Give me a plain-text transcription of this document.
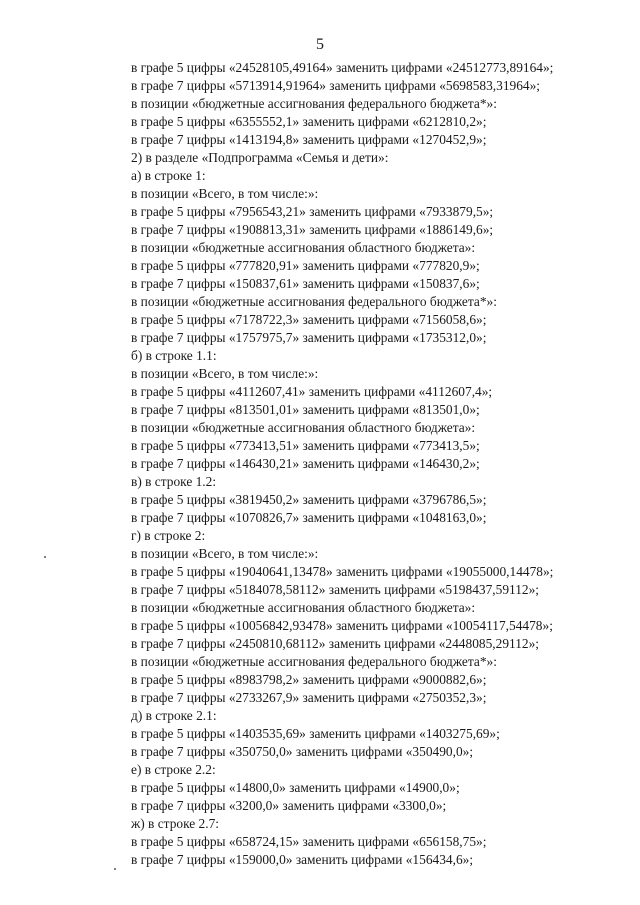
5
в графе 5 цифры «24528105,49164» заменить цифрами «24512773,89164»;
в графе 7 цифры «5713914,91964» заменить цифрами «5698583,31964»;
в позиции «бюджетные ассигнования федерального бюджета*»:
в графе 5 цифры «6355552,1» заменить цифрами «6212810,2»;
в графе 7 цифры «1413194,8» заменить цифрами «1270452,9»;
2) в разделе «Подпрограмма «Семья и дети»:
а) в строке 1:
в позиции «Всего, в том числе:»:
в графе 5 цифры «7956543,21» заменить цифрами «7933879,5»;
в графе 7 цифры «1908813,31» заменить цифрами «1886149,6»;
в позиции «бюджетные ассигнования областного бюджета»:
в графе 5 цифры «777820,91» заменить цифрами «777820,9»;
в графе 7 цифры «150837,61» заменить цифрами «150837,6»;
в позиции «бюджетные ассигнования федерального бюджета*»:
в графе 5 цифры «7178722,3» заменить цифрами «7156058,6»;
в графе 7 цифры «1757975,7» заменить цифрами «1735312,0»;
б) в строке 1.1:
в позиции «Всего, в том числе:»:
в графе 5 цифры «4112607,41» заменить цифрами «4112607,4»;
в графе 7 цифры «813501,01» заменить цифрами «813501,0»;
в позиции «бюджетные ассигнования областного бюджета»:
в графе 5 цифры «773413,51» заменить цифрами «773413,5»;
в графе 7 цифры «146430,21» заменить цифрами «146430,2»;
в) в строке 1.2:
в графе 5 цифры «3819450,2» заменить цифрами «3796786,5»;
в графе 7 цифры «1070826,7» заменить цифрами «1048163,0»;
г) в строке 2:
в позиции «Всего, в том числе:»:
в графе 5 цифры «19040641,13478» заменить цифрами «19055000,14478»;
в графе 7 цифры «5184078,58112» заменить цифрами «5198437,59112»;
в позиции «бюджетные ассигнования областного бюджета»:
в графе 5 цифры «10056842,93478» заменить цифрами «10054117,54478»;
в графе 7 цифры «2450810,68112» заменить цифрами «2448085,29112»;
в позиции «бюджетные ассигнования федерального бюджета*»:
в графе 5 цифры «8983798,2» заменить цифрами «9000882,6»;
в графе 7 цифры «2733267,9» заменить цифрами «2750352,3»;
д) в строке 2.1:
в графе 5 цифры «1403535,69» заменить цифрами «1403275,69»;
в графе 7 цифры «350750,0» заменить цифрами «350490,0»;
е) в строке 2.2:
в графе 5 цифры «14800,0» заменить цифрами «14900,0»;
в графе 7 цифры «3200,0» заменить цифрами «3300,0»;
ж) в строке 2.7:
в графе 5 цифры «658724,15» заменить цифрами «656158,75»;
в графе 7 цифры «159000,0» заменить цифрами «156434,6»;
